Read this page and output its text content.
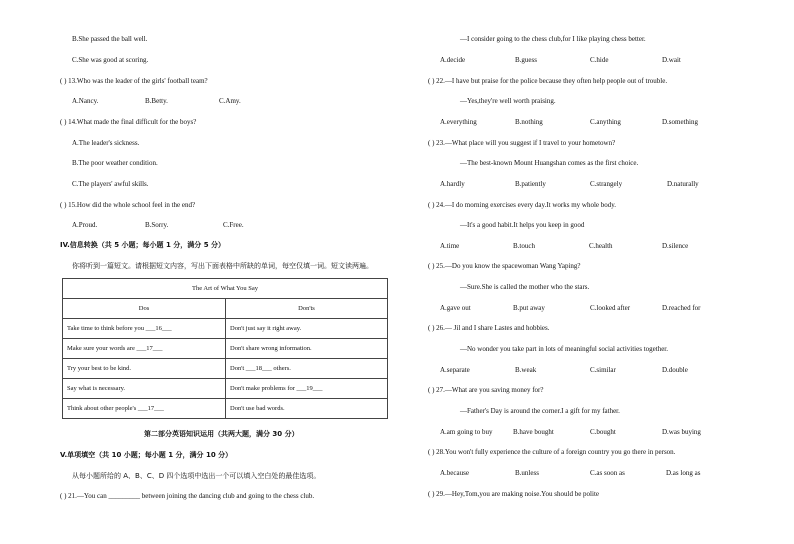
B.She passed the ball well.
C.She was good at scoring.
( ) 13.Who was the leader of the girls' football team?
A.Nancy.	B.Betty.	C.Amy.
( ) 14.What made the final difficult for the boys?
A.The leader's sickness.
B.The poor weather condition.
C.The players' awful skills.
( ) 15.How did the whole school feel in the end?
A.Proud.	B.Sorry.	C.Free.
IV.信息转换（共 5 小题；每小题 1 分，满分 5 分）
你将听到一篇短文。请根据短文内容，写出下面表格中所缺的单词，每空仅填一词。短文读两遍。
The Art of What You Say	
Dos	Don'ts
Take time to think before you ___16___	Don't just say it right away.
Make sure your words are ___17___	Don't share wrong information.
Try your best to be kind.	Don't ___18___ others.
Say what is necessary.	Don't make problems for ___19___
Think about other people's ___17___	Don't use bad words.
第二部分英语知识运用（共两大题，满分 30 分）
V.单项填空（共 10 小题；每小题 1 分，满分 10 分）
从每小题所给的 A、B、C、D 四个选项中选出一个可以填入空白处的最佳选项。
( ) 21.—You can _________ between joining the dancing club and going to the chess club.
—I consider going to the chess club,for I like playing chess better.
A.decide	B.guess	C.hide	D.wait
( ) 22.—I have but praise for the police because they often help people out of trouble.
—Yes,they're well worth praising.
A.everything	B.nothing	C.anything	D.something
( ) 23.—What place will you suggest if I travel to your hometown?
—The best-known Mount Huangshan comes as the first choice.
A.hardly	B.patiently	C.strangely	D.naturally
( ) 24.—I do morning exercises every day.It works my whole body.
—It's a good habit.It helps you keep in good
A.time	B.touch	C.health	D.silence
( ) 25.—Do you know the spacewoman Wang Yaping?
—Sure.She is called the mother who the stars.
A.gave out	B.put away	C.looked after	D.reached for
( ) 26.— Jil and I share Lastes and hobbies.
—No wonder you take part in lots of meaningful social activities together.
A.separate	B.weak	C.similar	D.double
( ) 27.—What are you saving money for?
—Father's Day is around the corner.I a gift for my father.
A.am going to buy	B.have bought	C.bought	D.was buying
( ) 28.You won't fully experience the culture of a foreign country you go there in person.
A.because	B.unless	C.as soon as	D.as long as
( ) 29.—Hey,Tom,you are making noise.You should be polite
